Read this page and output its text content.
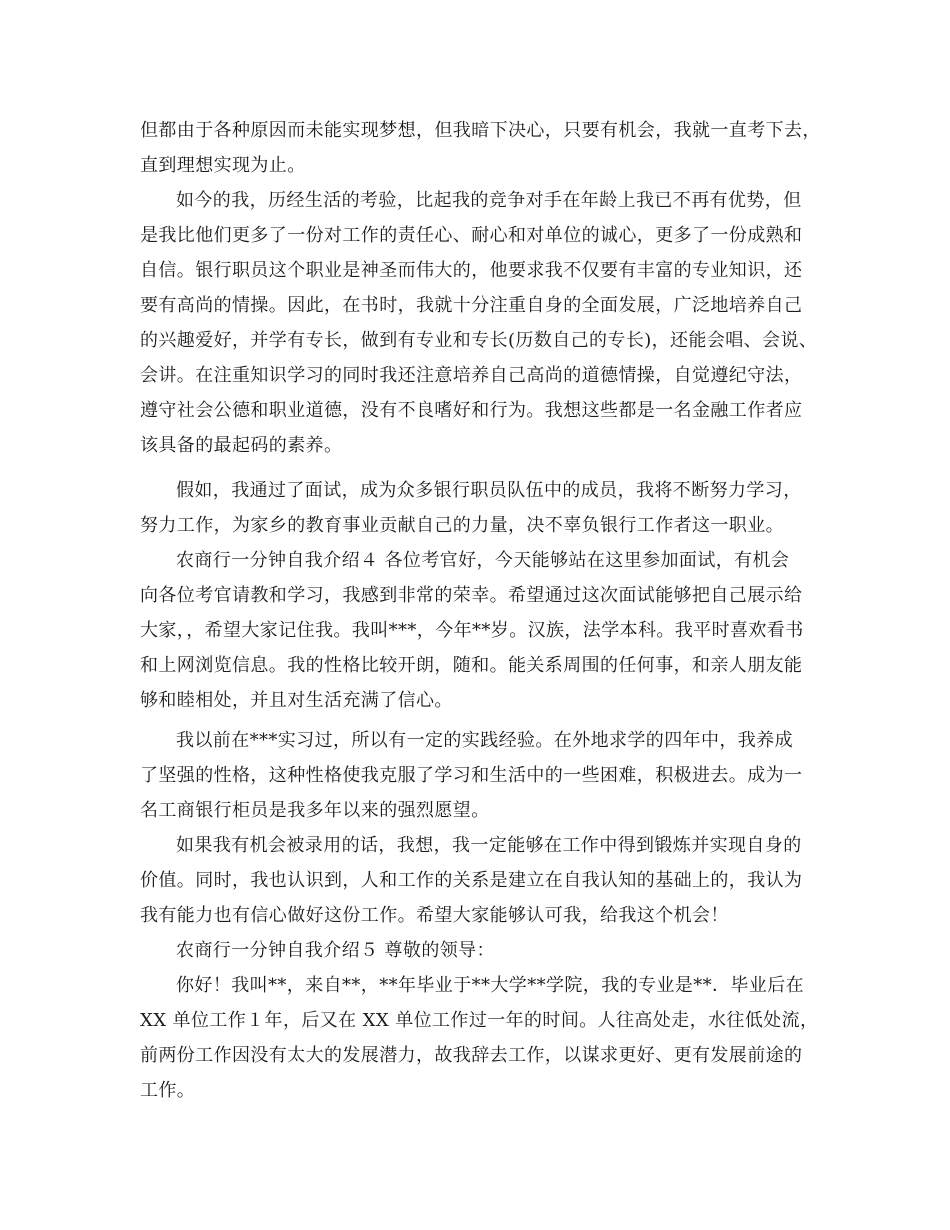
但都由于各种原因而未能实现梦想，但我暗下决心，只要有机会，我就一直考下去，
直到理想实现为止。
如今的我，历经生活的考验，比起我的竞争对手在年龄上我已不再有优势，但
是我比他们更多了一份对工作的责任心、耐心和对单位的诚心，更多了一份成熟和
自信。银行职员这个职业是神圣而伟大的，他要求我不仅要有丰富的专业知识，还
要有高尚的情操。因此，在书时，我就十分注重自身的全面发展，广泛地培养自己
的兴趣爱好，并学有专长，做到有专业和专长(历数自己的专长)，还能会唱、会说、
会讲。在注重知识学习的同时我还注意培养自己高尚的道德情操，自觉遵纪守法，
遵守社会公德和职业道德，没有不良嗜好和行为。我想这些都是一名金融工作者应
该具备的最起码的素养。
假如，我通过了面试，成为众多银行职员队伍中的成员，我将不断努力学习，
努力工作，为家乡的教育事业贡献自己的力量，决不辜负银行工作者这一职业。
农商行一分钟自我介绍４ 各位考官好，今天能够站在这里参加面试，有机会
向各位考官请教和学习，我感到非常的荣幸。希望通过这次面试能够把自己展示给
大家，，希望大家记住我。我叫***，今年**岁。汉族，法学本科。我平时喜欢看书
和上网浏览信息。我的性格比较开朗，随和。能关系周围的任何事，和亲人朋友能
够和睦相处，并且对生活充满了信心。
我以前在***实习过，所以有一定的实践经验。在外地求学的四年中，我养成
了坚强的性格，这种性格使我克服了学习和生活中的一些困难，积极进去。成为一
名工商银行柜员是我多年以来的强烈愿望。
如果我有机会被录用的话，我想，我一定能够在工作中得到锻炼并实现自身的
价值。同时，我也认识到，人和工作的关系是建立在自我认知的基础上的，我认为
我有能力也有信心做好这份工作。希望大家能够认可我，给我这个机会！
农商行一分钟自我介绍５ 尊敬的领导：
你好！我叫**，来自**，**年毕业于**大学**学院，我的专业是**．毕业后在
XX 单位工作１年，后又在 XX 单位工作过一年的时间。人往高处走，水往低处流，
前两份工作因没有太大的发展潜力，故我辞去工作，以谋求更好、更有发展前途的
工作。
